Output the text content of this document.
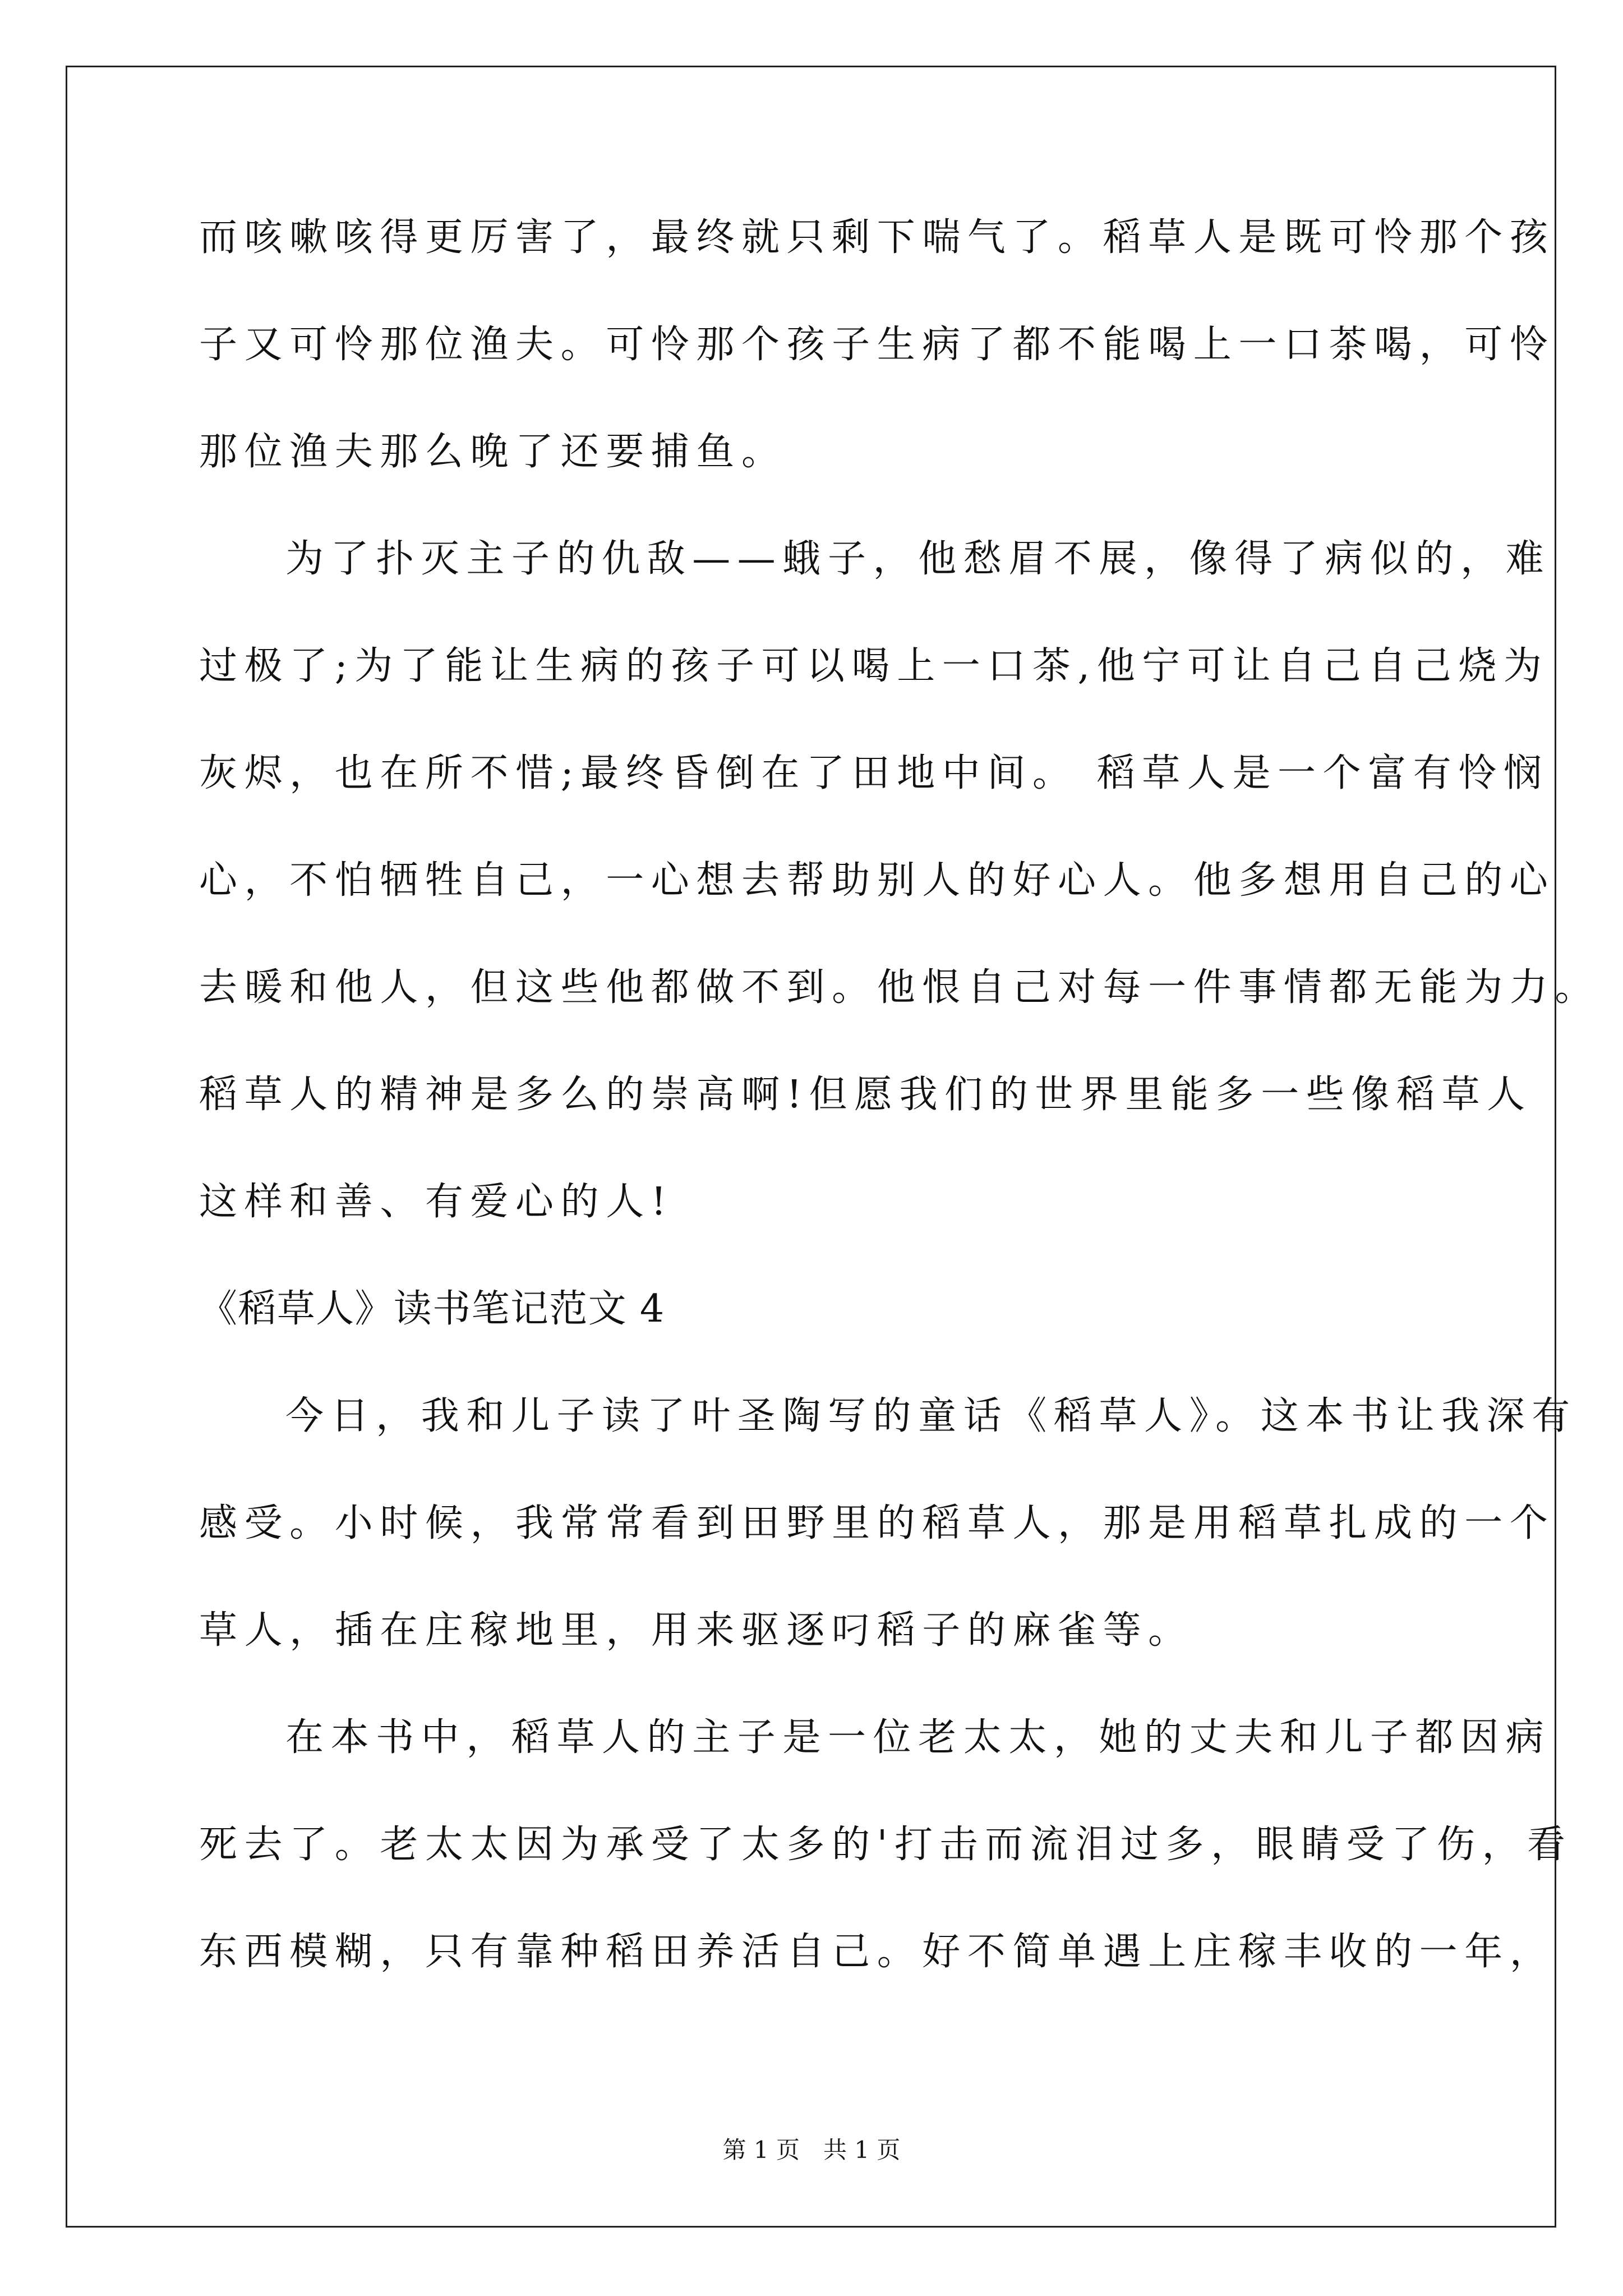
而咳嗽咳得更厉害了，最终就只剩下喘气了。稻草人是既可怜那个孩
子又可怜那位渔夫。可怜那个孩子生病了都不能喝上一口茶喝，可怜
那位渔夫那么晚了还要捕鱼。
为了扑灭主子的仇敌——蛾子，他愁眉不展，像得了病似的，难
过极了;为了能让生病的孩子可以喝上一口茶,他宁可让自己自己烧为
灰烬，也在所不惜;最终昏倒在了田地中间。 稻草人是一个富有怜悯
心，不怕牺牲自己，一心想去帮助别人的好心人。他多想用自己的心
去暖和他人，但这些他都做不到。他恨自己对每一件事情都无能为力。
稻草人的精神是多么的崇高啊!但愿我们的世界里能多一些像稻草人
这样和善、有爱心的人!
《稻草人》读书笔记范文 4
今日，我和儿子读了叶圣陶写的童话《稻草人》。这本书让我深有
感受。小时候，我常常看到田野里的稻草人，那是用稻草扎成的一个
草人，插在庄稼地里，用来驱逐叼稻子的麻雀等。
在本书中，稻草人的主子是一位老太太，她的丈夫和儿子都因病
死去了。老太太因为承受了太多的'打击而流泪过多，眼睛受了伤，看
东西模糊，只有靠种稻田养活自己。好不简单遇上庄稼丰收的一年，
第 1 页　共 1 页
